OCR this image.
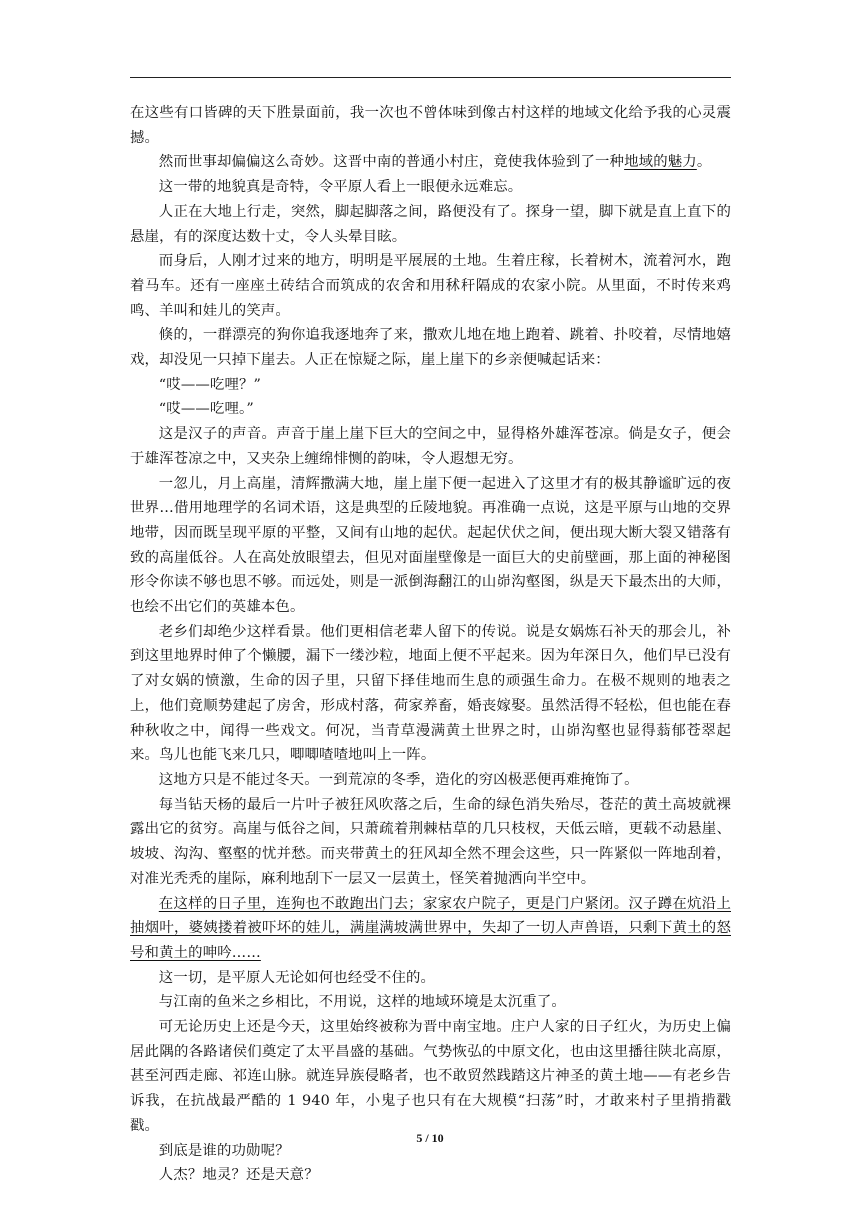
在这些有口皆碑的天下胜景面前，我一次也不曾体味到像古村这样的地域文化给予我的心灵震撼。

然而世事却偏偏这么奇妙。这晋中南的普通小村庄，竟使我体验到了一种地域的魅力。

这一带的地貌真是奇特，令平原人看上一眼便永远难忘。

人正在大地上行走，突然，脚起脚落之间，路便没有了。探身一望，脚下就是直上直下的悬崖，有的深度达数十丈，令人头晕目眩。

而身后，人刚才过来的地方，明明是平展展的土地。生着庄稼，长着树木，流着河水，跑着马车。还有一座座土砖结合而筑成的农舍和用秫秆隔成的农家小院。从里面，不时传来鸡鸣、羊叫和娃儿的笑声。

倏的，一群漂亮的狗你追我逐地奔了来，撒欢儿地在地上跑着、跳着、扑咬着，尽情地嬉戏，却没见一只掉下崖去。人正在惊疑之际，崖上崖下的乡亲便喊起话来：

“哎——吃哩？”

“哎——吃哩。”

这是汉子的声音。声音于崖上崖下巨大的空间之中，显得格外雄浑苍凉。倘是女子，便会于雄浑苍凉之中，又夹杂上缠绵悱恻的韵味，令人遐想无穷。

一忽儿，月上高崖，清辉撒满大地，崖上崖下便一起进入了这里才有的极其静谧旷远的夜世界…借用地理学的名词术语，这是典型的丘陵地貌。再准确一点说，这是平原与山地的交界地带，因而既呈现平原的平整，又间有山地的起伏。起起伏伏之间，便出现大断大裂又错落有致的高崖低谷。人在高处放眼望去，但见对面崖壁像是一面巨大的史前壁画，那上面的神秘图形令你读不够也思不够。而远处，则是一派倒海翻江的山峁沟壑图，纵是天下最杰出的大师，也绘不出它们的英雄本色。

老乡们却绝少这样看景。他们更相信老辈人留下的传说。说是女娲炼石补天的那会儿，补到这里地界时伸了个懒腰，漏下一缕沙粒，地面上便不平起来。因为年深日久，他们早已没有了对女娲的愤激，生命的因子里，只留下择佳地而生息的顽强生命力。在极不规则的地表之上，他们竟顺势建起了房舍，形成村落，荷家养畜，婚丧嫁娶。虽然活得不轻松，但也能在春种秋收之中，闻得一些戏文。何况，当青草漫满黄土世界之时，山峁沟壑也显得蓊郁苍翠起来。鸟儿也能飞来几只，唧唧喳喳地叫上一阵。

这地方只是不能过冬天。一到荒凉的冬季，造化的穷凶极恶便再难掩饰了。

每当钻天杨的最后一片叶子被狂风吹落之后，生命的绿色消失殆尽，苍茫的黄土高坡就裸露出它的贫穷。高崖与低谷之间，只萧疏着荆棘枯草的几只枝杈，天低云暗，更载不动悬崖、坡坡、沟沟、壑壑的忧并愁。而夹带黄土的狂风却全然不理会这些，只一阵紧似一阵地刮着，对准光秃秃的崖际，麻利地刮下一层又一层黄土，怪笑着抛洒向半空中。

在这样的日子里，连狗也不敢跑出门去；家家农户院子，更是门户紧闭。汉子蹲在炕沿上抽烟叶，婆姨搂着被吓坏的娃儿，满崖满坡满世界中，失却了一切人声兽语，只剩下黄土的怒号和黄土的呻吟……

这一切，是平原人无论如何也经受不住的。

与江南的鱼米之乡相比，不用说，这样的地域环境是太沉重了。

可无论历史上还是今天，这里始终被称为晋中南宝地。庄户人家的日子红火，为历史上偏居此隅的各路诸侯们奠定了太平昌盛的基础。气势恢弘的中原文化，也由这里播往陕北高原，甚至河西走廊、祁连山脉。就连异族侵略者，也不敢贸然践踏这片神圣的黄土地——有老乡告诉我，在抗战最严酷的 1 940 年，小鬼子也只有在大规模“扫荡”时，才敢来村子里掯掯戳戳。

到底是谁的功勋呢？

人杰？地灵？还是天意？

5 / 10
